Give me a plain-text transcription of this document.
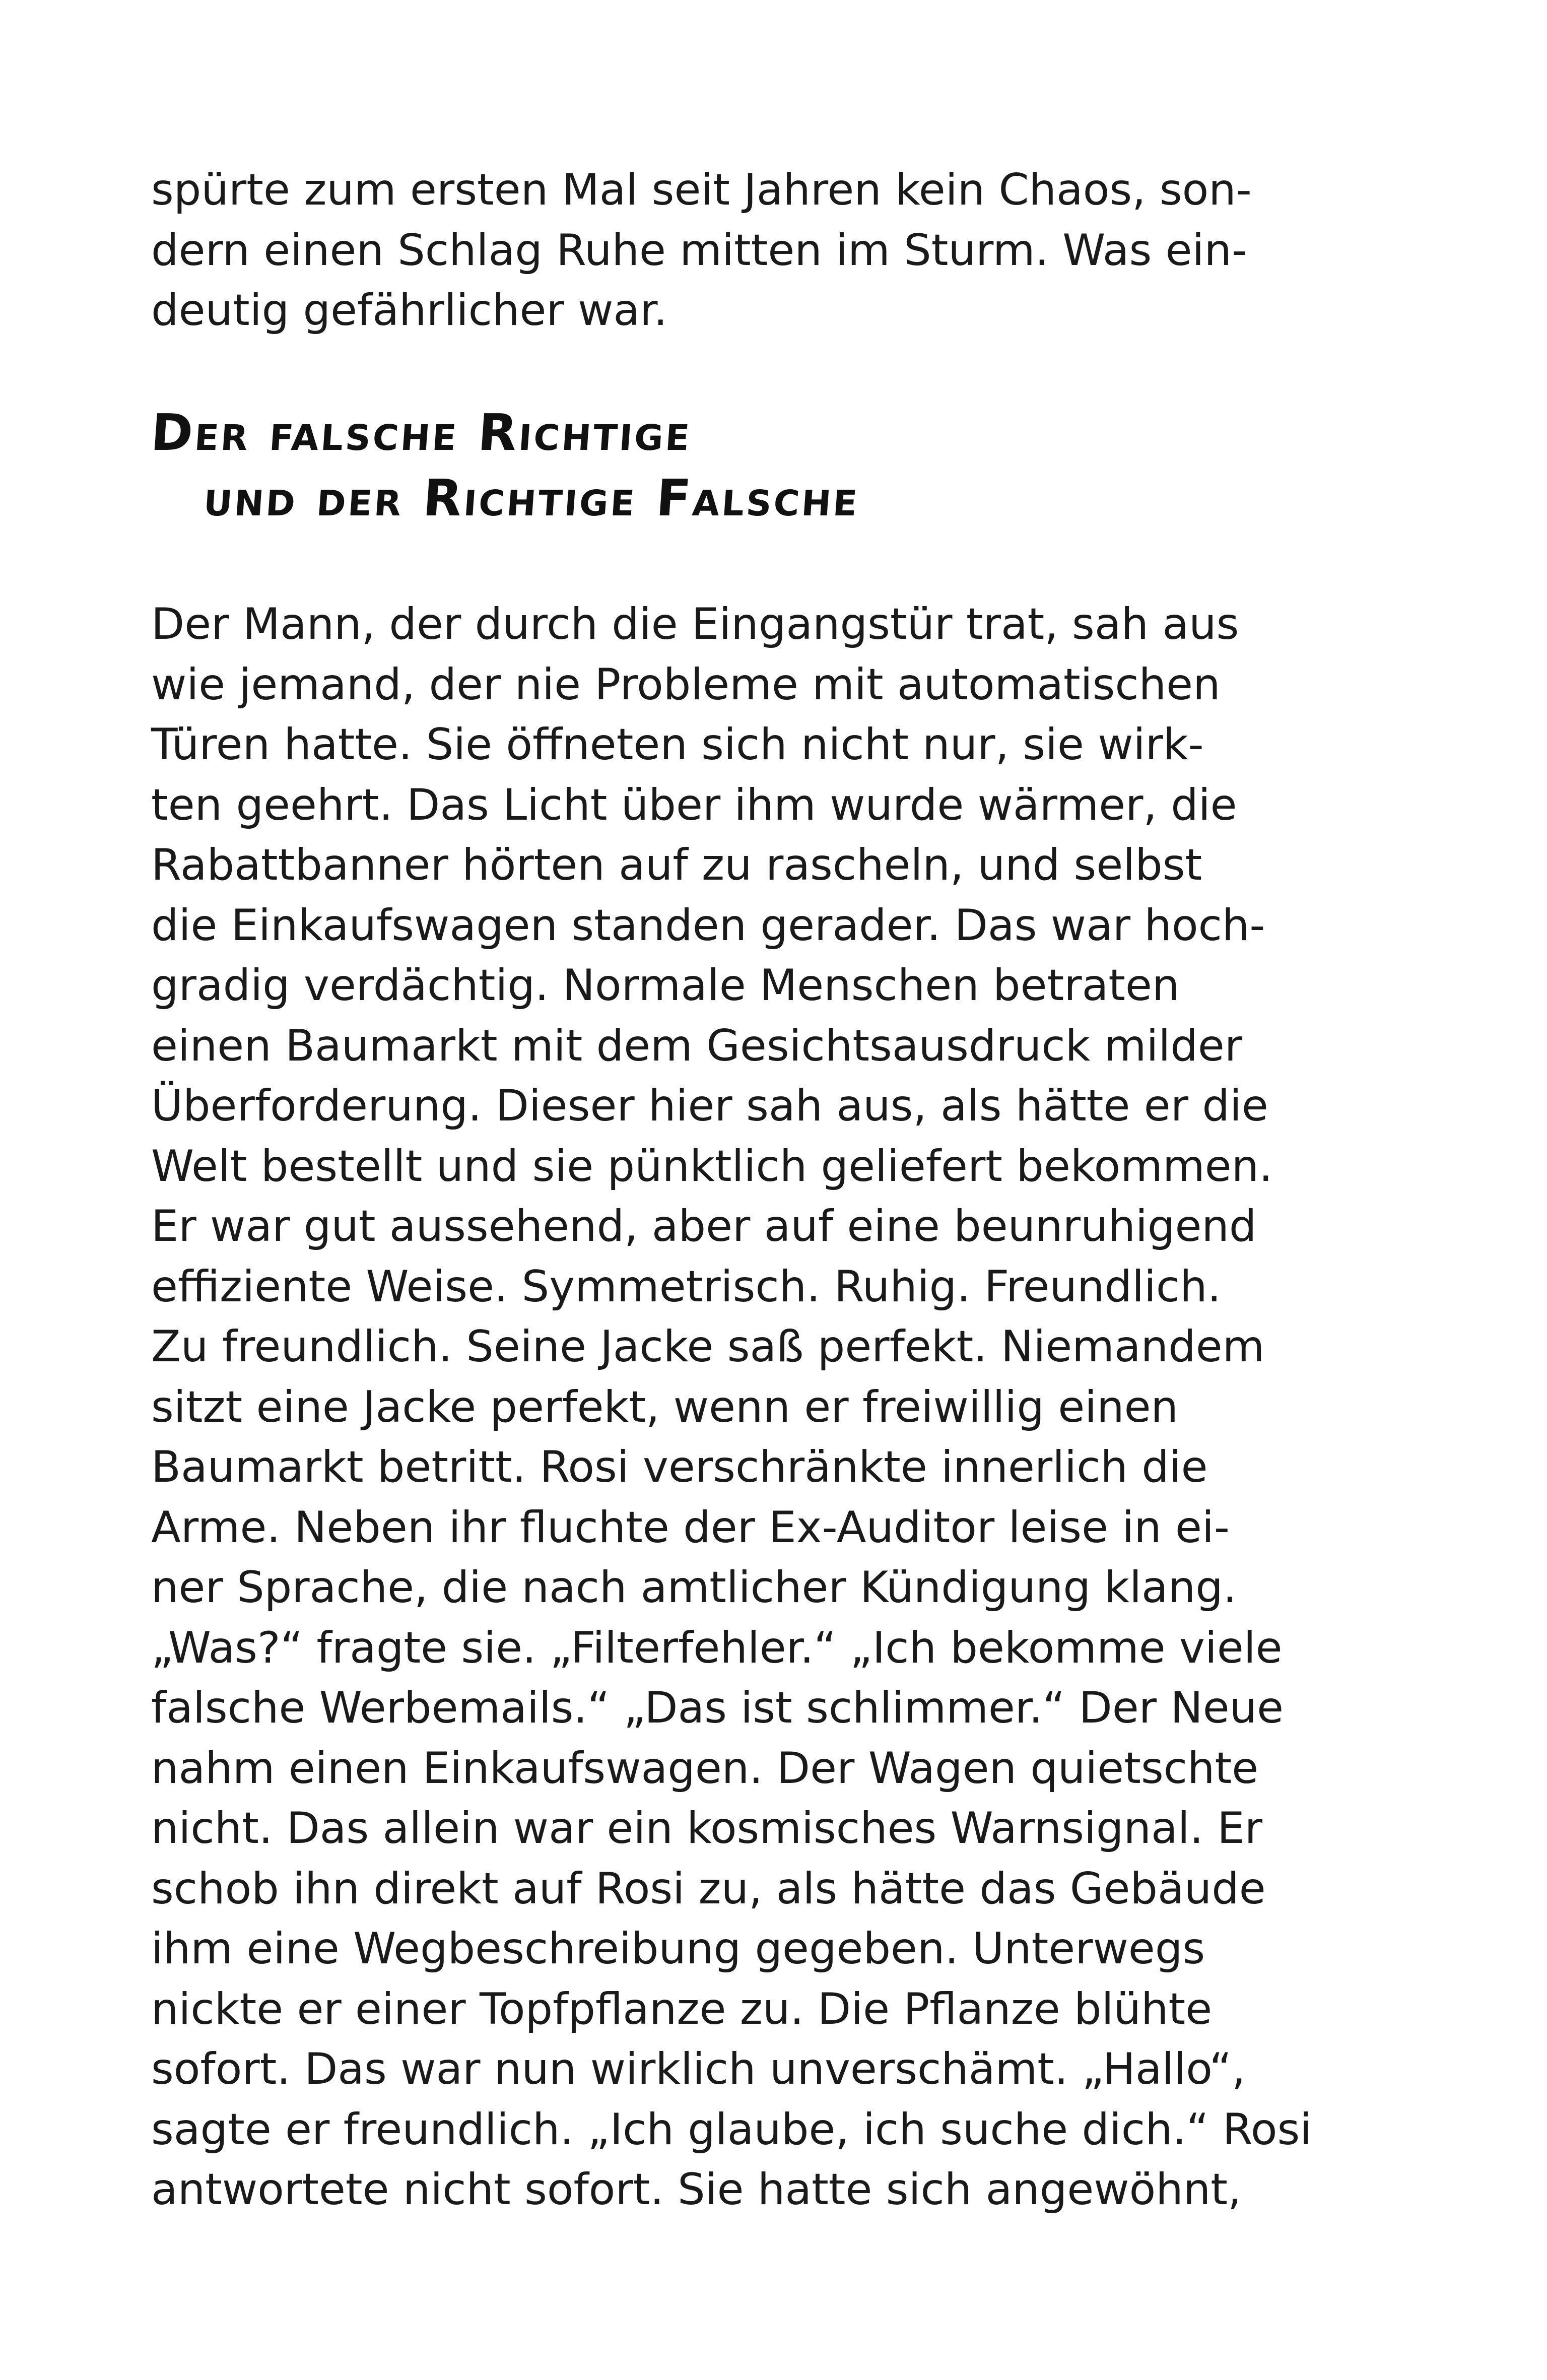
spürte zum ersten Mal seit Jahren kein Chaos, son-
dern einen Schlag Ruhe mitten im Sturm. Was ein-
deutig gefährlicher war.
Der falsche Richtige
und der Richtige Falsche
Der Mann, der durch die Eingangstür trat, sah aus
wie jemand, der nie Probleme mit automatischen
Türen hatte. Sie öffneten sich nicht nur, sie wirk-
ten geehrt. Das Licht über ihm wurde wärmer, die
Rabattbanner hörten auf zu rascheln, und selbst
die Einkaufswagen standen gerader. Das war hoch-
gradig verdächtig. Normale Menschen betraten
einen Baumarkt mit dem Gesichtsausdruck milder
Überforderung. Dieser hier sah aus, als hätte er die
Welt bestellt und sie pünktlich geliefert bekommen.
Er war gut aussehend, aber auf eine beunruhigend
effiziente Weise. Symmetrisch. Ruhig. Freundlich.
Zu freundlich. Seine Jacke saß perfekt. Niemandem
sitzt eine Jacke perfekt, wenn er freiwillig einen
Baumarkt betritt. Rosi verschränkte innerlich die
Arme. Neben ihr fluchte der Ex-Auditor leise in ei-
ner Sprache, die nach amtlicher Kündigung klang.
„Was?“ fragte sie. „Filterfehler.“ „Ich bekomme viele
falsche Werbemails.“ „Das ist schlimmer.“ Der Neue
nahm einen Einkaufswagen. Der Wagen quietschte
nicht. Das allein war ein kosmisches Warnsignal. Er
schob ihn direkt auf Rosi zu, als hätte das Gebäude
ihm eine Wegbeschreibung gegeben. Unterwegs
nickte er einer Topfpflanze zu. Die Pflanze blühte
sofort. Das war nun wirklich unverschämt. „Hallo“,
sagte er freundlich. „Ich glaube, ich suche dich.“ Rosi
antwortete nicht sofort. Sie hatte sich angewöhnt,
